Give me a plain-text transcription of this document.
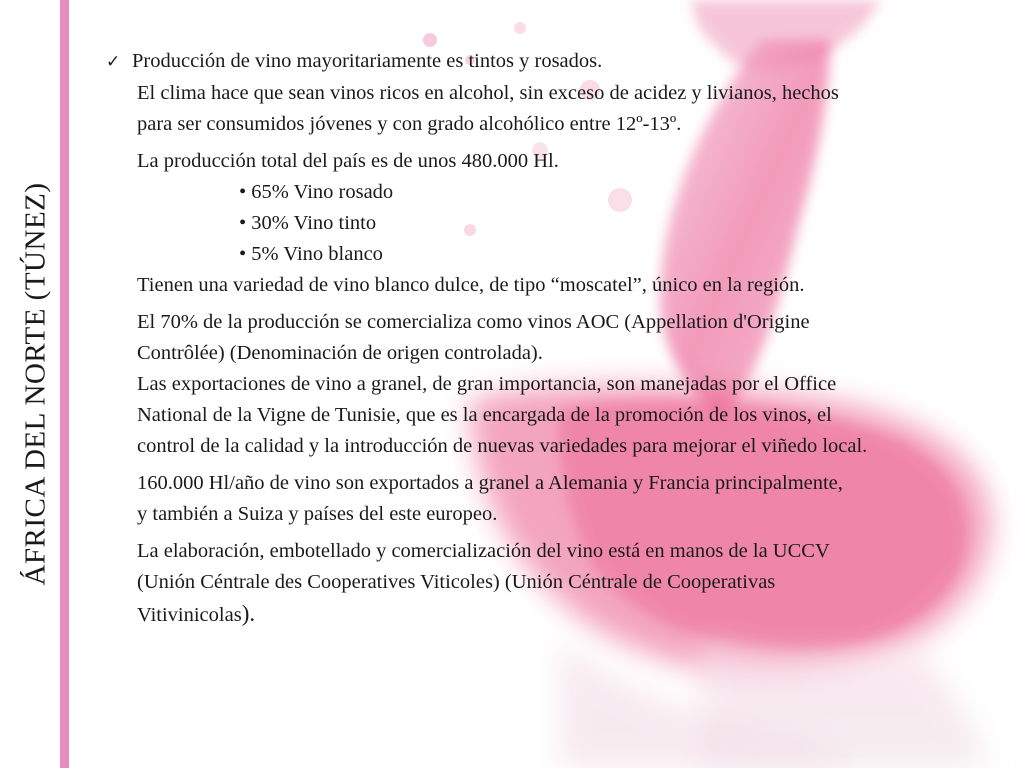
ÁFRICA DEL NORTE (TÚNEZ)
✓ Producción de vino mayoritariamente es tintos y rosados.
El clima hace que sean vinos ricos en alcohol, sin exceso de acidez y livianos, hechos
para ser consumidos jóvenes y con grado alcohólico entre 12º-13º.
La producción total del país es de unos 480.000 Hl.
• 65% Vino rosado
• 30% Vino tinto
• 5% Vino blanco
Tienen una variedad de vino blanco dulce, de tipo “moscatel”, único en la región.
El 70% de la producción se comercializa como vinos AOC (Appellation d'Origine
Contrôlée) (Denominación de origen controlada).
Las exportaciones de vino a granel, de gran importancia, son manejadas por el Office
National de la Vigne de Tunisie, que es la encargada de la promoción de los vinos, el
control de la calidad y la introducción de nuevas variedades para mejorar el viñedo local.
160.000 Hl/año de vino son exportados a granel a Alemania y Francia principalmente,
y también a Suiza y países del este europeo.
La elaboración, embotellado y comercialización del vino está en manos de la UCCV
(Unión Céntrale des Cooperatives Viticoles) (Unión Céntrale de Cooperativas
Vitivinicolas).
